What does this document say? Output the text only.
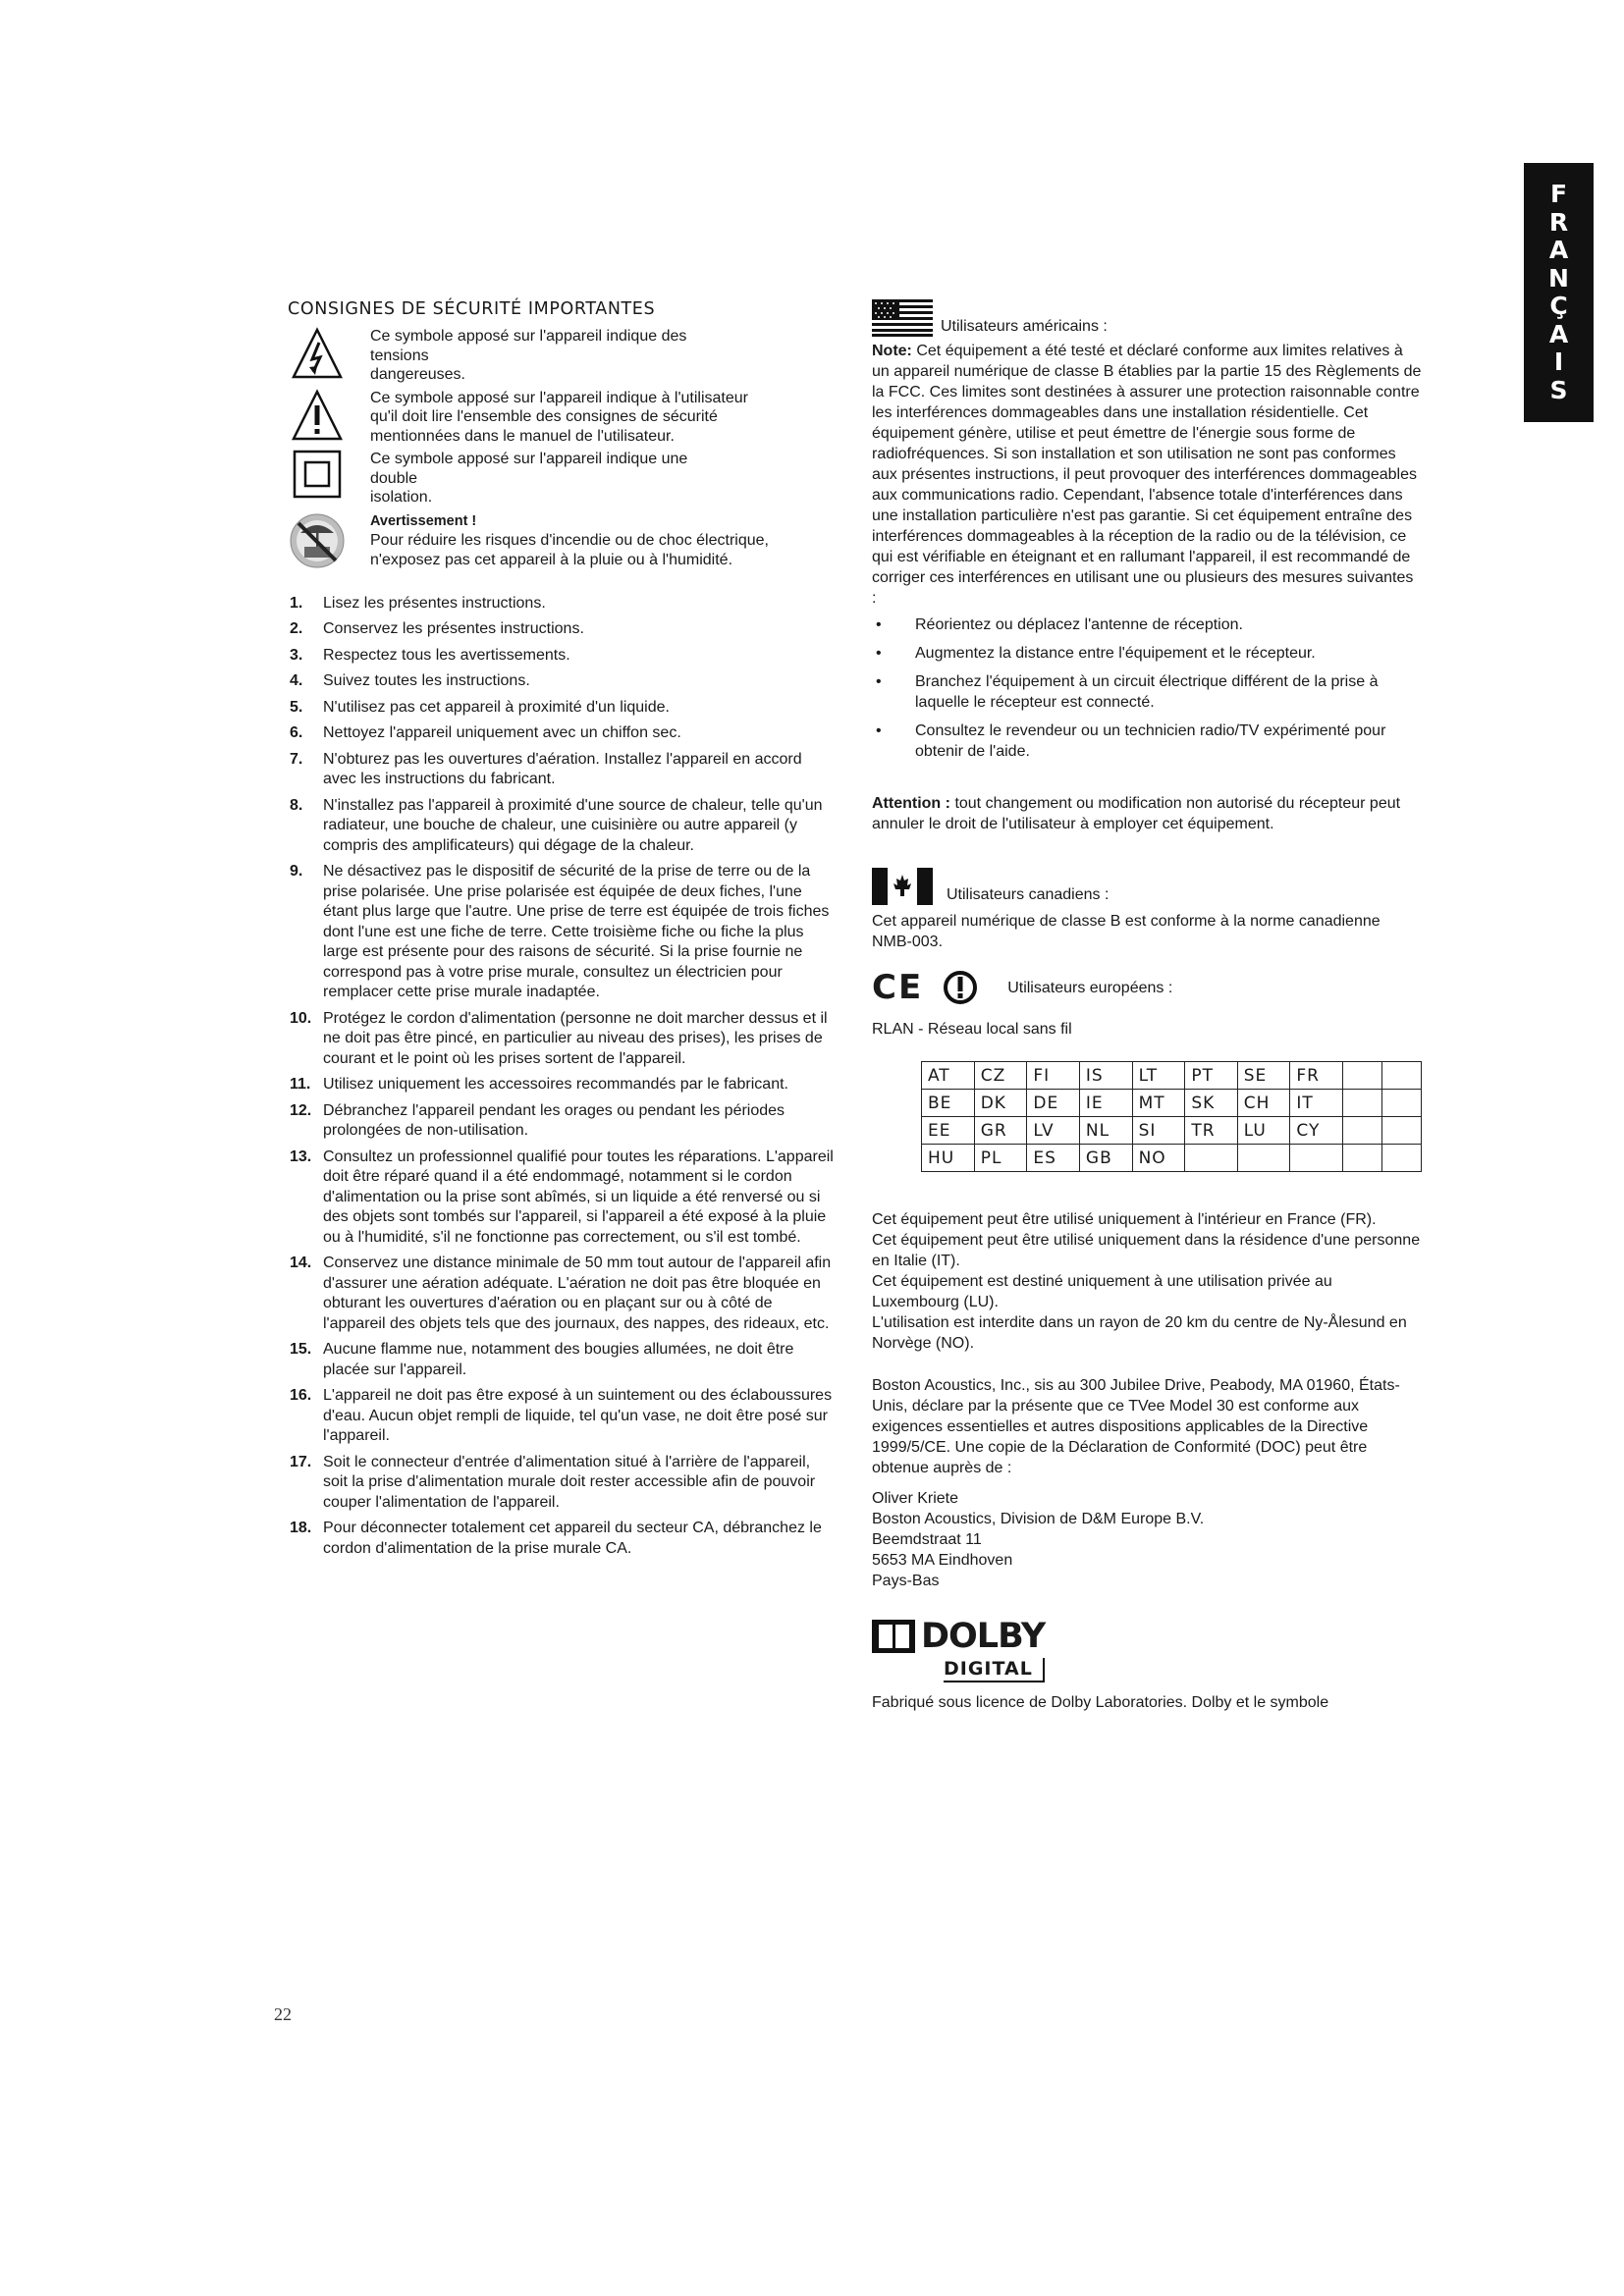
F
R
A
N
Ç
A
I
S
CONSIGNES DE SÉCURITÉ IMPORTANTES
Ce symbole apposé sur l'appareil indique des
tensions
dangereuses.
Ce symbole apposé sur l'appareil indique à l'utilisateur
qu'il doit lire l'ensemble des consignes de sécurité
mentionnées dans le manuel de l'utilisateur.
Ce symbole apposé sur l'appareil indique une
double
isolation.
Avertissement !
Pour réduire les risques d'incendie ou de choc électrique,
n'exposez pas cet appareil à la pluie ou à l'humidité.
1.	Lisez les présentes instructions.
2.	Conservez les présentes instructions.
3.	Respectez tous les avertissements.
4.	Suivez toutes les instructions.
5.	N'utilisez pas cet appareil à proximité d'un liquide.
6.	Nettoyez l'appareil uniquement avec un chiffon sec.
7.	N'obturez pas les ouvertures d'aération. Installez l'appareil en accord avec les instructions du fabricant.
8.	N'installez pas l'appareil à proximité d'une source de chaleur, telle qu'un radiateur, une bouche de chaleur, une cuisinière ou autre appareil (y compris des amplificateurs) qui dégage de la chaleur.
9.	Ne désactivez pas le dispositif de sécurité de la prise de terre ou de la prise polarisée. Une prise polarisée est équipée de deux fiches, l'une étant plus large que l'autre. Une prise de terre est équipée de trois fiches dont l'une est une fiche de terre. Cette troisième fiche ou fiche la plus large est présente pour des raisons de sécurité. Si la prise fournie ne correspond pas à votre prise murale, consultez un électricien pour remplacer cette prise murale inadaptée.
10. Protégez le cordon d'alimentation (personne ne doit marcher dessus et il ne doit pas être pincé, en particulier au niveau des prises), les prises de courant et le point où les prises sortent de l'appareil.
11. Utilisez uniquement les accessoires recommandés par le fabricant.
12. Débranchez l'appareil pendant les orages ou pendant les périodes prolongées de non-utilisation.
13. Consultez un professionnel qualifié pour toutes les réparations. L'appareil doit être réparé quand il a été endommagé, notamment si le cordon d'alimentation ou la prise sont abîmés, si un liquide a été renversé ou si des objets sont tombés sur l'appareil, si l'appareil a été exposé à la pluie ou à l'humidité, s'il ne fonctionne pas correctement, ou s'il est tombé.
14. Conservez une distance minimale de 50 mm tout autour de l'appareil afin d'assurer une aération adéquate. L'aération ne doit pas être bloquée en obturant les ouvertures d'aération ou en plaçant sur ou à côté de l'appareil des objets tels que des journaux, des nappes, des rideaux, etc.
15. Aucune flamme nue, notamment des bougies allumées, ne doit être placée sur l'appareil.
16. L'appareil ne doit pas être exposé à un suintement ou des éclaboussures d'eau. Aucun objet rempli de liquide, tel qu'un vase, ne doit être posé sur l'appareil.
17. Soit le connecteur d'entrée d'alimentation situé à l'arrière de l'appareil, soit la prise d'alimentation murale doit rester accessible afin de pouvoir couper l'alimentation de l'appareil.
18. Pour déconnecter totalement cet appareil du secteur CA, débranchez le cordon d'alimentation de la prise murale CA.
Utilisateurs américains :

Note: Cet équipement a été testé et déclaré conforme aux limites relatives à un appareil numérique de classe B établies par la partie 15 des Règlements de la FCC. Ces limites sont destinées à assurer une protection raisonnable contre les interférences dommageables dans une installation résidentielle. Cet équipement génère, utilise et peut émettre de l'énergie sous forme de radiofréquences. Si son installation et son utilisation ne sont pas conformes aux présentes instructions, il peut provoquer des interférences dommageables aux communications radio. Cependant, l'absence totale d'interférences dans une installation particulière n'est pas garantie. Si cet équipement entraîne des interférences dommageables à la réception de la radio ou de la télévision, ce qui est vérifiable en éteignant et en rallumant l'appareil, il est recommandé de corriger ces interférences en utilisant une ou plusieurs des mesures suivantes :

•	Réorientez ou déplacez l'antenne de réception.
•	Augmentez la distance entre l'équipement et le récepteur.
•	Branchez l'équipement à un circuit électrique différent de la prise à laquelle le récepteur est connecté.
•	Consultez le revendeur ou un technicien radio/TV expérimenté pour obtenir de l'aide.

Attention : tout changement ou modification non autorisé du récepteur peut annuler le droit de l'utilisateur à employer cet équipement.

Utilisateurs canadiens :

Cet appareil numérique de classe B est conforme à la norme canadienne NMB-003.

CE	Utilisateurs européens :

RLAN - Réseau local sans fil

AT	CZ	FI	IS	LT	PT	SE	FR		
BE	DK	DE	IE	MT	SK	CH	IT		
EE	GR	LV	NL	SI	TR	LU	CY		
HU	PL	ES	GB	NO					

Cet équipement peut être utilisé uniquement à l'intérieur en France (FR).

Cet équipement peut être utilisé uniquement dans la résidence d'une personne en Italie (IT).

Cet équipement est destiné uniquement à une utilisation privée au Luxembourg (LU).

L'utilisation est interdite dans un rayon de 20 km du centre de Ny-Ålesund en Norvège (NO).

Boston Acoustics, Inc., sis au 300 Jubilee Drive, Peabody, MA 01960, États-Unis, déclare par la présente que ce TVee Model 30 est conforme aux exigences essentielles et autres dispositions applicables de la Directive 1999/5/CE. Une copie de la Déclaration de Conformité (DOC) peut être obtenue auprès de :

Oliver Kriete

Boston Acoustics, Division de D&M Europe B.V.

Beemdstraat 11

5653 MA Eindhoven

Pays-Bas

DOLBY
DIGITAL

Fabriqué sous licence de Dolby Laboratories. Dolby et le symbole

22
